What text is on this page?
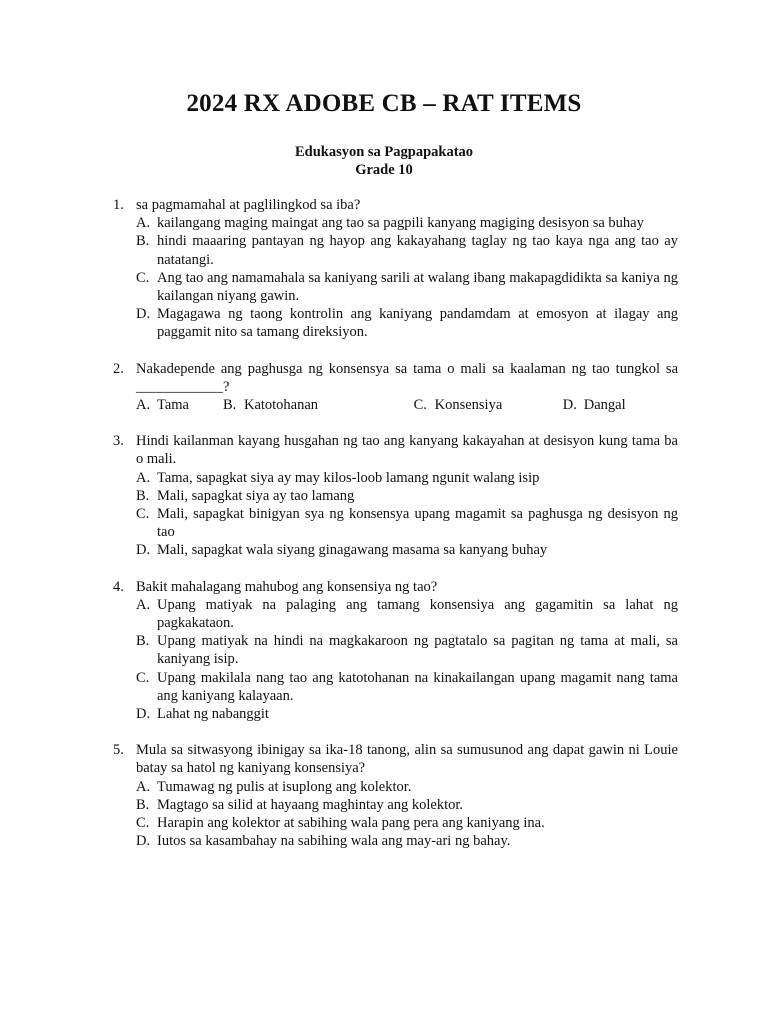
2024 RX ADOBE CB – RAT ITEMS
Edukasyon sa Pagpapakatao
Grade 10
1. sa pagmamahal at paglilingkod sa iba?
A. kailangang maging maingat ang tao sa pagpili kanyang magiging desisyon sa buhay
B. hindi maaaring pantayan ng hayop ang kakayahang taglay ng tao kaya nga ang tao ay natatangi.
C. Ang tao ang namamahala sa kaniyang sarili at walang ibang makapagdidikta sa kaniya ng kailangan niyang gawin.
D. Magagawa ng taong kontrolin ang kaniyang pandamdam at emosyon at ilagay ang paggamit nito sa tamang direksiyon.
2. Nakadepende ang paghusga ng konsensya sa tama o mali sa kaalaman ng tao tungkol sa ____________?
A. Tama	B. Katotohanan	C. Konsensiya	D. Dangal
3. Hindi kailanman kayang husgahan ng tao ang kanyang kakayahan at desisyon kung tama ba o mali.
A. Tama, sapagkat siya ay may kilos-loob lamang ngunit walang isip
B. Mali, sapagkat siya ay tao lamang
C. Mali, sapagkat binigyan sya ng konsensya upang magamit sa paghusga ng desisyon ng tao
D. Mali, sapagkat wala siyang ginagawang masama sa kanyang buhay
4. Bakit mahalagang mahubog ang konsensiya ng tao?
A. Upang matiyak na palaging ang tamang konsensiya ang gagamitin sa lahat ng pagkakataon.
B. Upang matiyak na hindi na magkakaroon ng pagtatalo sa pagitan ng tama at mali, sa kaniyang isip.
C. Upang makilala nang tao ang katotohanan na kinakailangan upang magamit nang tama ang kaniyang kalayaan.
D. Lahat ng nabanggit
5. Mula sa sitwasyong ibinigay sa ika-18 tanong, alin sa sumusunod ang dapat gawin ni Louie batay sa hatol ng kaniyang konsensiya?
A. Tumawag ng pulis at isuplong ang kolektor.
B. Magtago sa silid at hayaang maghintay ang kolektor.
C. Harapin ang kolektor at sabihing wala pang pera ang kaniyang ina.
D. Iutos sa kasambahay na sabihing wala ang may-ari ng bahay.
